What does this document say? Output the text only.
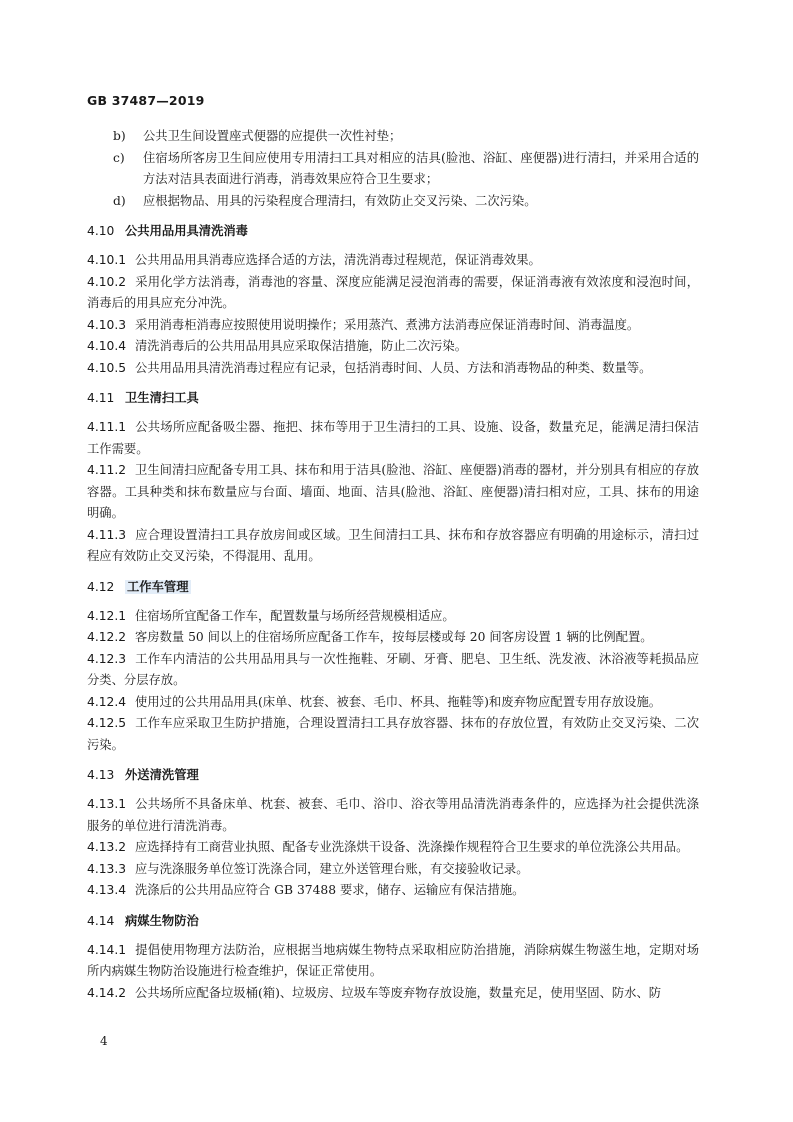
GB 37487—2019
b)	公共卫生间设置座式便器的应提供一次性衬垫；
c)	住宿场所客房卫生间应使用专用清扫工具对相应的洁具(脸池、浴缸、座便器)进行清扫，并采用合适的方法对洁具表面进行消毒，消毒效果应符合卫生要求；
d)	应根据物品、用具的污染程度合理清扫，有效防止交叉污染、二次污染。
4.10 公共用品用具清洗消毒

4.10.1 公共用品用具消毒应选择合适的方法，清洗消毒过程规范，保证消毒效果。

4.10.2 采用化学方法消毒，消毒池的容量、深度应能满足浸泡消毒的需要，保证消毒液有效浓度和浸泡时间，消毒后的用具应充分冲洗。

4.10.3 采用消毒柜消毒应按照使用说明操作；采用蒸汽、煮沸方法消毒应保证消毒时间、消毒温度。

4.10.4 清洗消毒后的公共用品用具应采取保洁措施，防止二次污染。

4.10.5 公共用品用具清洗消毒过程应有记录，包括消毒时间、人员、方法和消毒物品的种类、数量等。

4.11 卫生清扫工具

4.11.1 公共场所应配备吸尘器、拖把、抹布等用于卫生清扫的工具、设施、设备，数量充足，能满足清扫保洁工作需要。

4.11.2 卫生间清扫应配备专用工具、抹布和用于洁具(脸池、浴缸、座便器)消毒的器材，并分别具有相应的存放容器。工具种类和抹布数量应与台面、墙面、地面、洁具(脸池、浴缸、座便器)清扫相对应，工具、抹布的用途明确。

4.11.3 应合理设置清扫工具存放房间或区域。卫生间清扫工具、抹布和存放容器应有明确的用途标示，清扫过程应有效防止交叉污染，不得混用、乱用。

4.12 工作车管理

4.12.1 住宿场所宜配备工作车，配置数量与场所经营规模相适应。

4.12.2 客房数量 50 间以上的住宿场所应配备工作车，按每层楼或每 20 间客房设置 1 辆的比例配置。

4.12.3 工作车内清洁的公共用品用具与一次性拖鞋、牙刷、牙膏、肥皂、卫生纸、洗发液、沐浴液等耗损品应分类、分层存放。

4.12.4 使用过的公共用品用具(床单、枕套、被套、毛巾、杯具、拖鞋等)和废弃物应配置专用存放设施。

4.12.5 工作车应采取卫生防护措施，合理设置清扫工具存放容器、抹布的存放位置，有效防止交叉污染、二次污染。

4.13 外送清洗管理

4.13.1 公共场所不具备床单、枕套、被套、毛巾、浴巾、浴衣等用品清洗消毒条件的，应选择为社会提供洗涤服务的单位进行清洗消毒。

4.13.2 应选择持有工商营业执照、配备专业洗涤烘干设备、洗涤操作规程符合卫生要求的单位洗涤公共用品。

4.13.3 应与洗涤服务单位签订洗涤合同，建立外送管理台账，有交接验收记录。

4.13.4 洗涤后的公共用品应符合 GB 37488 要求，储存、运输应有保洁措施。

4.14 病媒生物防治

4.14.1 提倡使用物理方法防治，应根据当地病媒生物特点采取相应防治措施，消除病媒生物滋生地，定期对场所内病媒生物防治设施进行检查维护，保证正常使用。

4.14.2 公共场所应配备垃圾桶(箱)、垃圾房、垃圾车等废弃物存放设施，数量充足，使用坚固、防水、防

4
